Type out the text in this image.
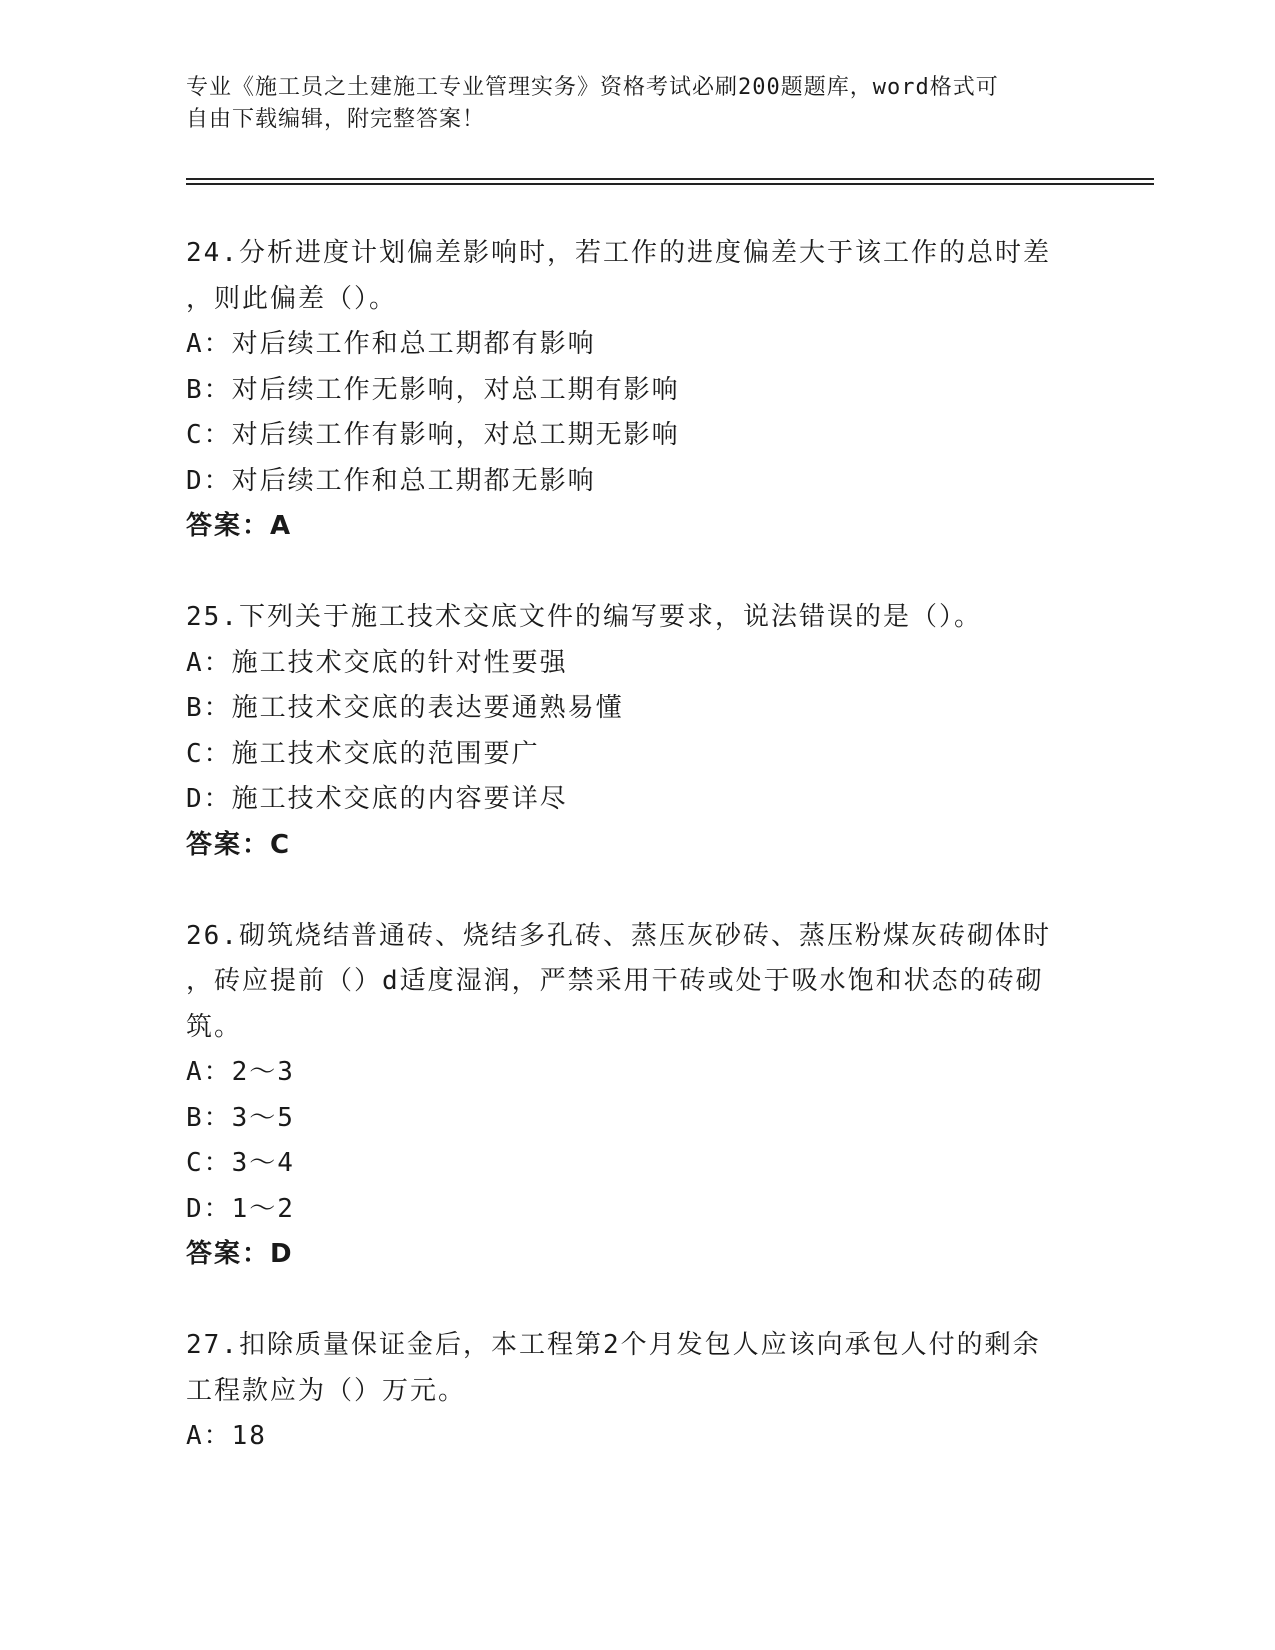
专业《施工员之土建施工专业管理实务》资格考试必刷200题题库，word格式可
自由下载编辑，附完整答案！
24.分析进度计划偏差影响时，若工作的进度偏差大于该工作的总时差
，则此偏差（）。
A：对后续工作和总工期都有影响
B：对后续工作无影响，对总工期有影响
C：对后续工作有影响，对总工期无影响
D：对后续工作和总工期都无影响
答案：A
25.下列关于施工技术交底文件的编写要求，说法错误的是（）。
A：施工技术交底的针对性要强
B：施工技术交底的表达要通熟易懂
C：施工技术交底的范围要广
D：施工技术交底的内容要详尽
答案：C
26.砌筑烧结普通砖、烧结多孔砖、蒸压灰砂砖、蒸压粉煤灰砖砌体时
，砖应提前（）d适度湿润，严禁采用干砖或处于吸水饱和状态的砖砌
筑。
A：2～3
B：3～5
C：3～4
D：1～2
答案：D
27.扣除质量保证金后，本工程第2个月发包人应该向承包人付的剩余
工程款应为（）万元。
A：18
